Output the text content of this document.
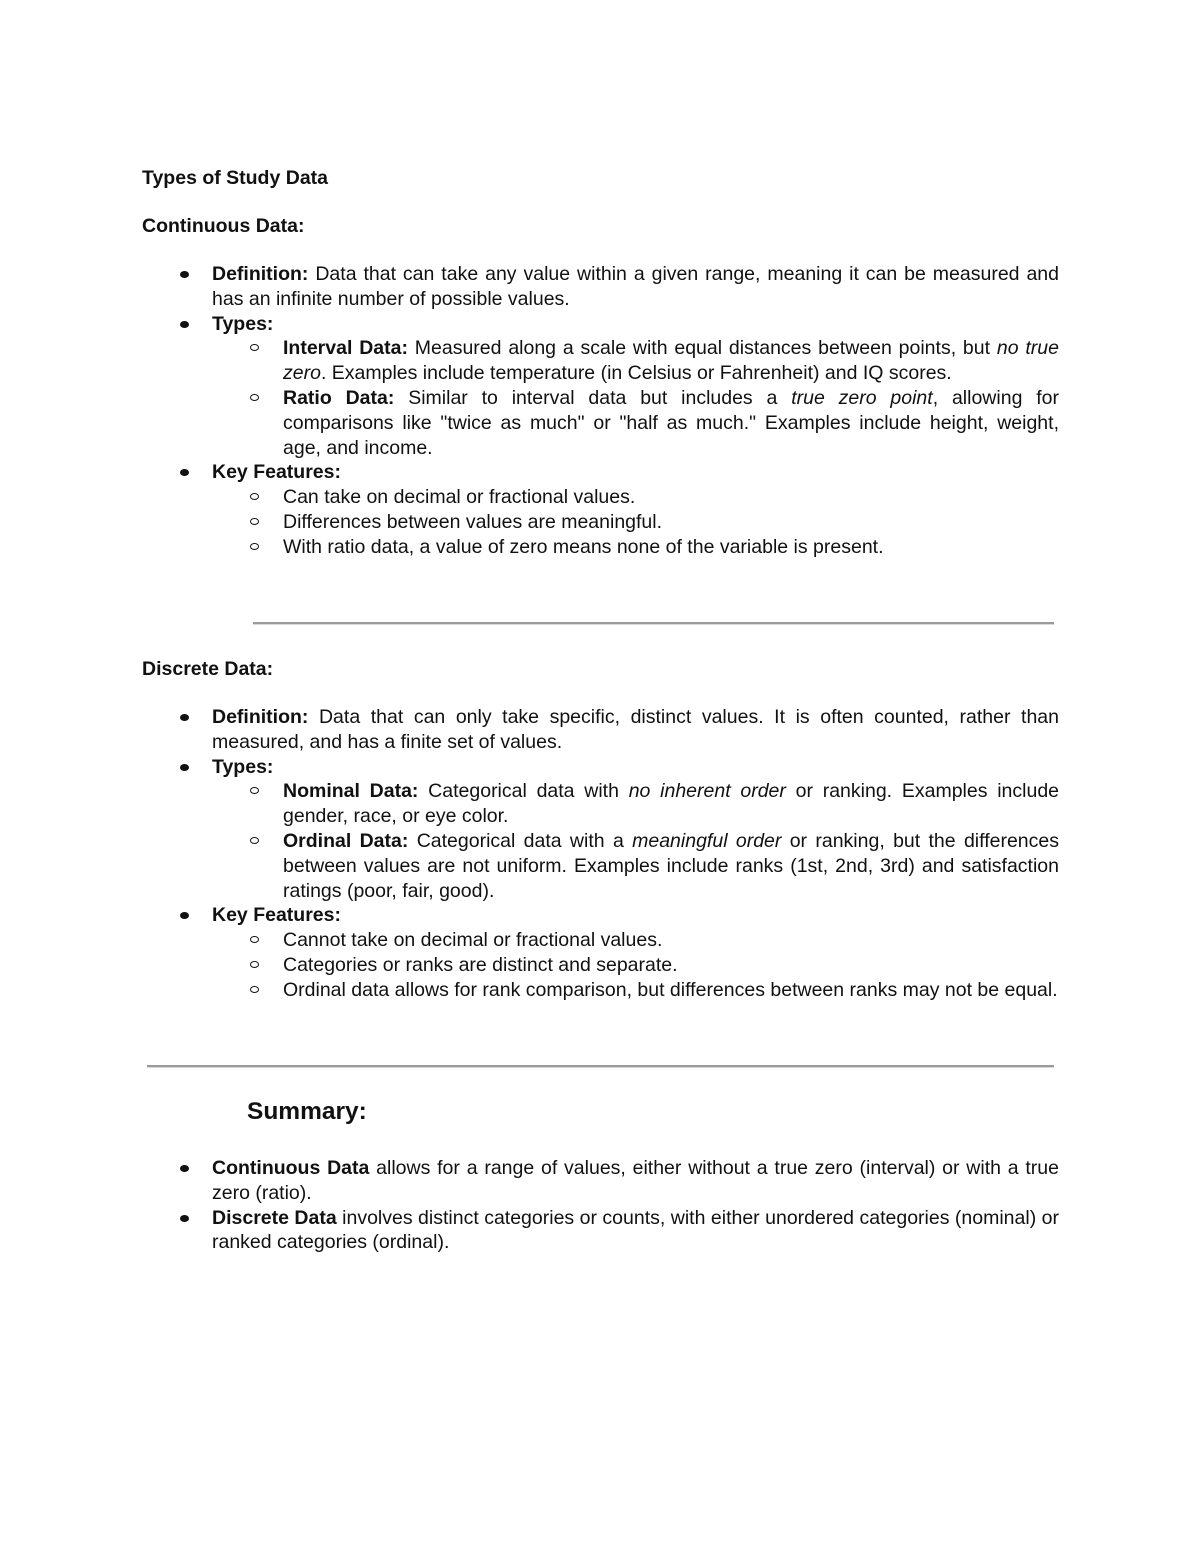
Types of Study Data

Continuous Data:

Definition: Data that can take any value within a given range, meaning it can be measured and has an infinite number of possible values.
Types:
Interval Data: Measured along a scale with equal distances between points, but no true zero. Examples include temperature (in Celsius or Fahrenheit) and IQ scores.
Ratio Data: Similar to interval data but includes a true zero point, allowing for comparisons like "twice as much" or "half as much." Examples include height, weight, age, and income.
Key Features:
Can take on decimal or fractional values.
Differences between values are meaningful.
With ratio data, a value of zero means none of the variable is present.

Discrete Data:

Definition: Data that can only take specific, distinct values. It is often counted, rather than measured, and has a finite set of values.
Types:
Nominal Data: Categorical data with no inherent order or ranking. Examples include gender, race, or eye color.
Ordinal Data: Categorical data with a meaningful order or ranking, but the differences between values are not uniform. Examples include ranks (1st, 2nd, 3rd) and satisfaction ratings (poor, fair, good).
Key Features:
Cannot take on decimal or fractional values.
Categories or ranks are distinct and separate.
Ordinal data allows for rank comparison, but differences between ranks may not be equal.

Summary:

Continuous Data allows for a range of values, either without a true zero (interval) or with a true zero (ratio).
Discrete Data involves distinct categories or counts, with either unordered categories (nominal) or ranked categories (ordinal).
